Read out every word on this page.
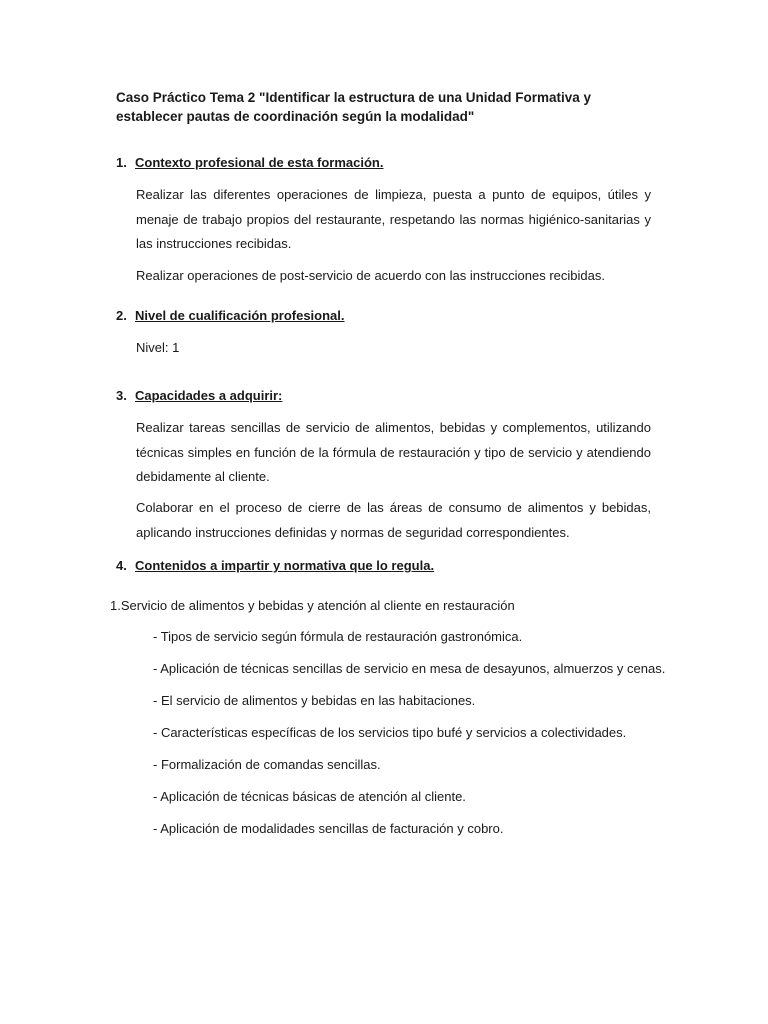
Caso Práctico Tema 2 "Identificar la estructura de una Unidad Formativa y establecer pautas de coordinación según la modalidad"
1. Contexto profesional de esta formación.
Realizar las diferentes operaciones de limpieza, puesta a punto de equipos, útiles y menaje de trabajo propios del restaurante, respetando las normas higiénico-sanitarias y las instrucciones recibidas.
Realizar operaciones de post-servicio de acuerdo con las instrucciones recibidas.
2. Nivel de cualificación profesional.
Nivel: 1
3. Capacidades a adquirir:
Realizar tareas sencillas de servicio de alimentos, bebidas y complementos, utilizando técnicas simples en función de la fórmula de restauración y tipo de servicio y atendiendo debidamente al cliente.
Colaborar en el proceso de cierre de las áreas de consumo de alimentos y bebidas, aplicando instrucciones definidas y normas de seguridad correspondientes.
4. Contenidos a impartir y normativa que lo regula.
1.Servicio de alimentos y bebidas y atención al cliente en restauración
- Tipos de servicio según fórmula de restauración gastronómica.
- Aplicación de técnicas sencillas de servicio en mesa de desayunos, almuerzos y cenas.
- El servicio de alimentos y bebidas en las habitaciones.
- Características específicas de los servicios tipo bufé y servicios a colectividades.
- Formalización de comandas sencillas.
- Aplicación de técnicas básicas de atención al cliente.
- Aplicación de modalidades sencillas de facturación y cobro.
